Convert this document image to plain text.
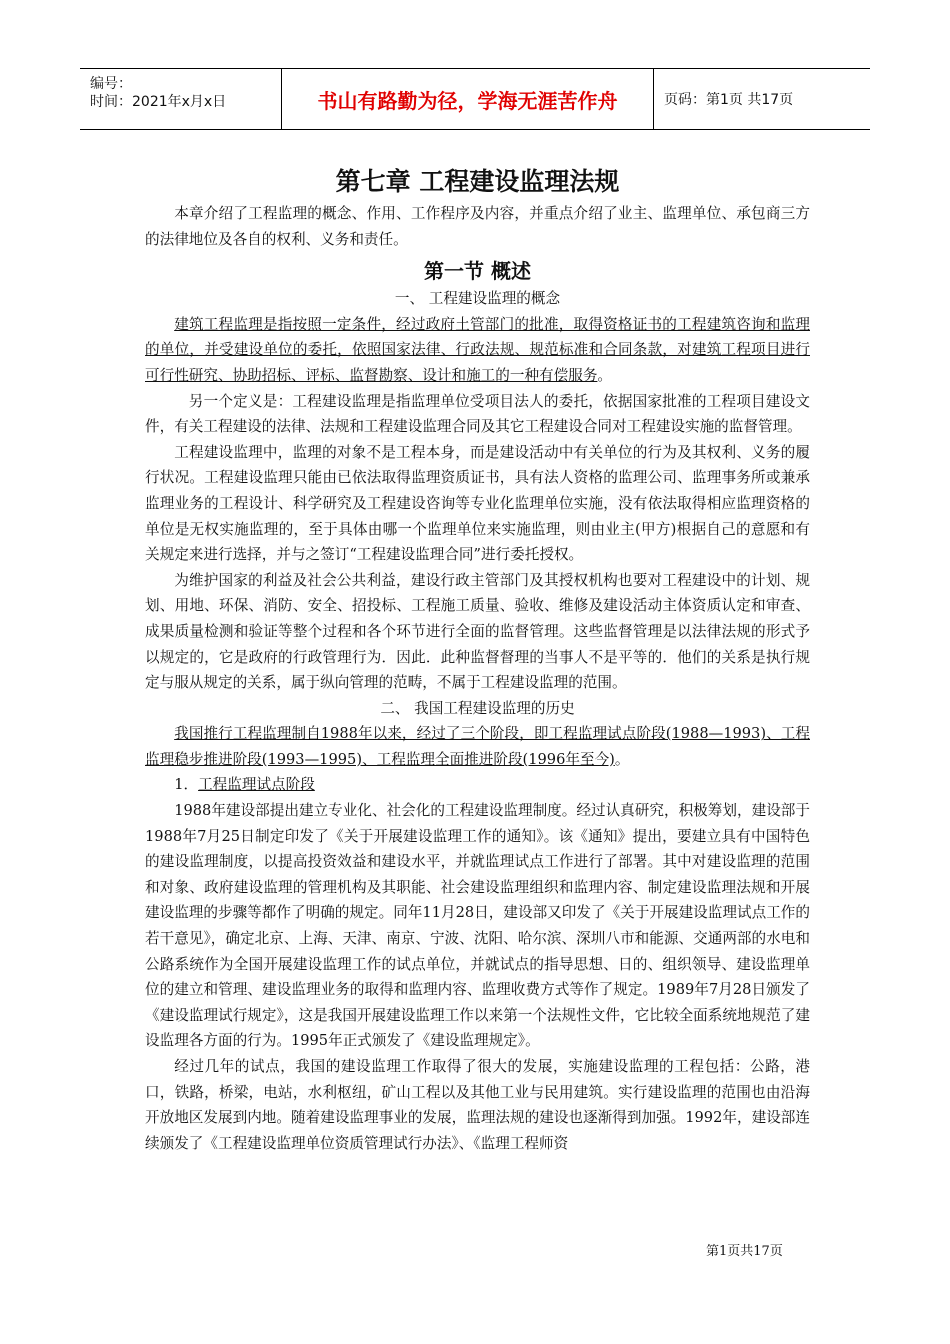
编号：
时间：2021年x月x日	书山有路勤为径，学海无涯苦作舟	页码：第1页 共17页
第七章 工程建设监理法规

本章介绍了工程监理的概念、作用、工作程序及内容，并重点介绍了业主、监理单位、承包商三方的法律地位及各自的权利、义务和责任。

第一节 概述

一、 工程建设监理的概念

建筑工程监理是指按照一定条件，经过政府土管部门的批准，取得资格证书的工程建筑咨询和监理的单位，并受建设单位的委托，依照国家法律、行政法规、规范标准和合同条款，对建筑工程项目进行可行性研究、协助招标、评标、监督勘察、设计和施工的一种有偿服务。

另一个定义是：工程建设监理是指监理单位受项目法人的委托，依据国家批准的工程项目建设文件，有关工程建设的法律、法规和工程建设监理合同及其它工程建设合同对工程建设实施的监督管理。

工程建设监理中，监理的对象不是工程本身，而是建设活动中有关单位的行为及其权利、义务的履行状况。工程建设监理只能由已依法取得监理资质证书，具有法人资格的监理公司、监理事务所或兼承监理业务的工程设计、科学研究及工程建设咨询等专业化监理单位实施，没有依法取得相应监理资格的单位是无权实施监理的，至于具体由哪一个监理单位来实施监理，则由业主(甲方)根据自己的意愿和有关规定来进行选择，并与之签订“工程建设监理合同”进行委托授权。

为维护国家的利益及社会公共利益，建设行政主管部门及其授权机构也要对工程建设中的计划、规划、用地、环保、消防、安全、招投标、工程施工质量、验收、维修及建设活动主体资质认定和审查、成果质量检测和验证等整个过程和各个环节进行全面的监督管理。这些监督管理是以法律法规的形式予以规定的，它是政府的行政管理行为．因此．此种监督督理的当事人不是平等的．他们的关系是执行规定与服从规定的关系，属于纵向管理的范畴，不属于工程建设监理的范围。

二、 我国工程建设监理的历史

我国推行工程监理制自1988年以来，经过了三个阶段，即工程监理试点阶段(1988—1993)、工程监理稳步推进阶段(1993—1995)、工程监理全面推进阶段(1996年至今)。

1．工程监理试点阶段

1988年建设部提出建立专业化、社会化的工程建设监理制度。经过认真研究，积极筹划，建设部于1988年7月25日制定印发了《关于开展建设监理工作的通知》。该《通知》提出，要建立具有中国特色的建设监理制度，以提高投资效益和建设水平，并就监理试点工作进行了部署。其中对建设监理的范围和对象、政府建设监理的管理机构及其职能、社会建设监理组织和监理内容、制定建设监理法规和开展建设监理的步骤等都作了明确的规定。同年11月28日，建设部又印发了《关于开展建设监理试点工作的若干意见》，确定北京、上海、天津、南京、宁波、沈阳、哈尔滨、深圳八市和能源、交通两部的水电和公路系统作为全国开展建设监理工作的试点单位，并就试点的指导思想、日的、组织领导、建设监理单位的建立和管理、建设监理业务的取得和监理内容、监理收费方式等作了规定。1989年7月28日颁发了《建设监理试行规定》，这是我国开展建设监理工作以来第一个法规性文件，它比较全面系统地规范了建设监理各方面的行为。1995年正式颁发了《建设监理规定》。

经过几年的试点，我国的建设监理工作取得了很大的发展，实施建设监理的工程包括：公路，港口，铁路，桥梁，电站，水利枢纽，矿山工程以及其他工业与民用建筑。实行建设监理的范围也由沿海开放地区发展到内地。随着建设监理事业的发展，监理法规的建设也逐渐得到加强。1992年，建设部连续颁发了《工程建设监理单位资质管理试行办法》、《监理工程师资

第1页共17页
